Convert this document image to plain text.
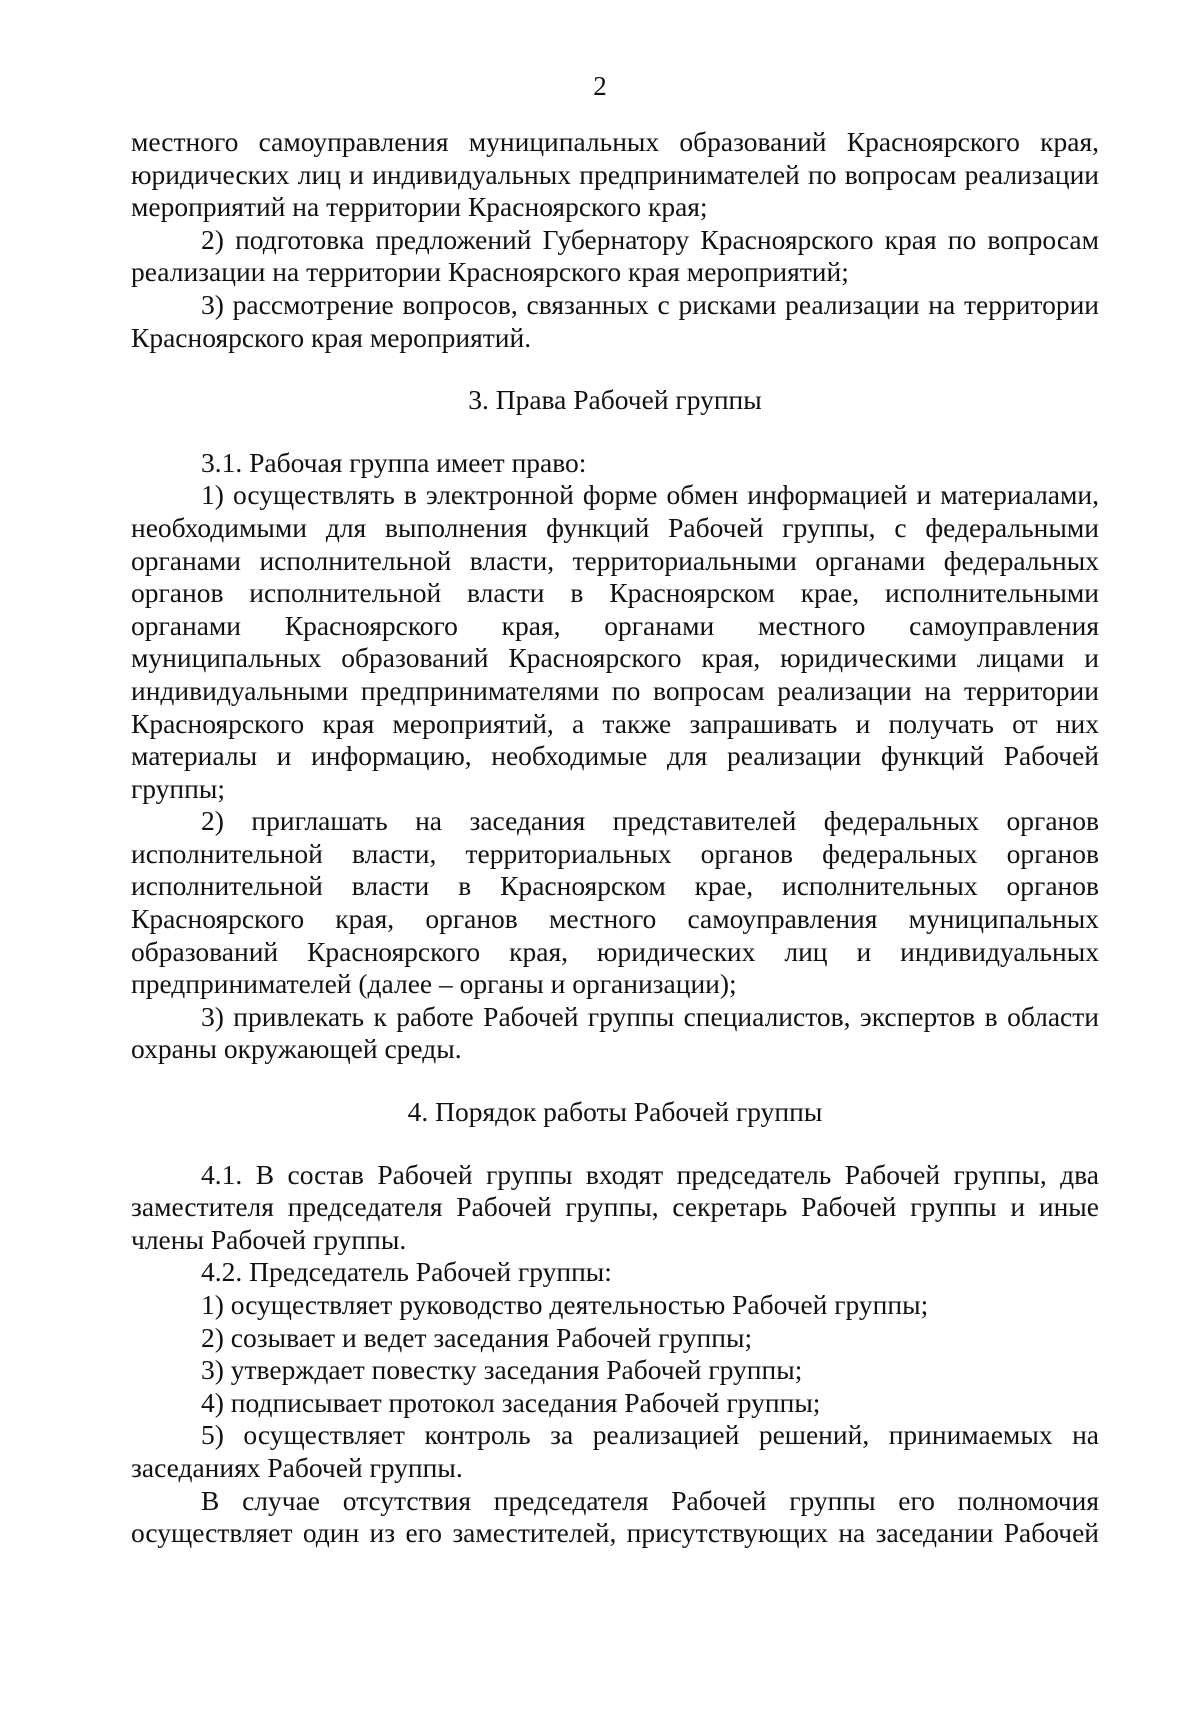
2

местного самоуправления муниципальных образований Красноярского края, юридических лиц и индивидуальных предпринимателей по вопросам реализации мероприятий на территории Красноярского края;

2) подготовка предложений Губернатору Красноярского края по вопросам реализации на территории Красноярского края мероприятий;

3) рассмотрение вопросов, связанных с рисками реализации на территории Красноярского края мероприятий.

3. Права Рабочей группы

3.1. Рабочая группа имеет право:

1) осуществлять в электронной форме обмен информацией и материалами, необходимыми для выполнения функций Рабочей группы, с федеральными органами исполнительной власти, территориальными органами федеральных органов исполнительной власти в Красноярском крае, исполнительными органами Красноярского края, органами местного самоуправления муниципальных образований Красноярского края, юридическими лицами и индивидуальными предпринимателями по вопросам реализации на территории Красноярского края мероприятий, а также запрашивать и получать от них материалы и информацию, необходимые для реализации функций Рабочей группы;

2) приглашать на заседания представителей федеральных органов исполнительной власти, территориальных органов федеральных органов исполнительной власти в Красноярском крае, исполнительных органов Красноярского края, органов местного самоуправления муниципальных образований Красноярского края, юридических лиц и индивидуальных предпринимателей (далее – органы и организации);

3) привлекать к работе Рабочей группы специалистов, экспертов в области охраны окружающей среды.

4. Порядок работы Рабочей группы

4.1. В состав Рабочей группы входят председатель Рабочей группы, два заместителя председателя Рабочей группы, секретарь Рабочей группы и иные члены Рабочей группы.

4.2. Председатель Рабочей группы:

1) осуществляет руководство деятельностью Рабочей группы;

2) созывает и ведет заседания Рабочей группы;

3) утверждает повестку заседания Рабочей группы;

4) подписывает протокол заседания Рабочей группы;

5) осуществляет контроль за реализацией решений, принимаемых на заседаниях Рабочей группы.

В случае отсутствия председателя Рабочей группы его полномочия осуществляет один из его заместителей, присутствующих на заседании Рабочей
